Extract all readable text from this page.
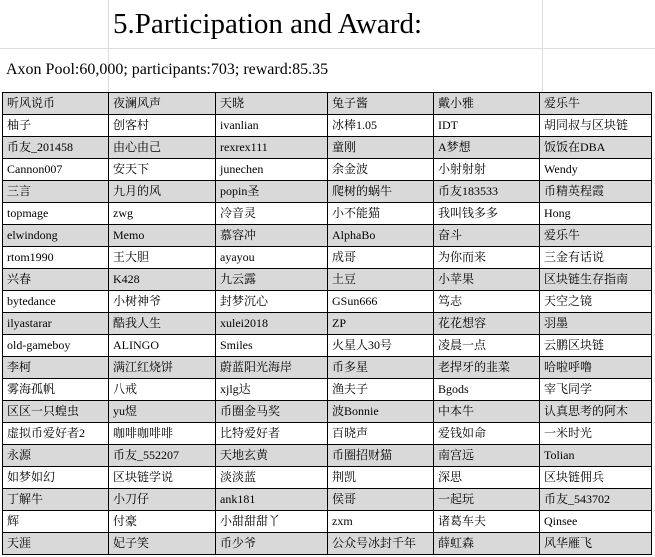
5.Participation and Award:
Axon Pool:60,000; participants:703; reward:85.35
听风说币	夜澜风声	天晓	兔子酱	戴小雅	爱乐牛
柚子	创客村	ivanlian	冰棒1.05	IDT	胡同叔与区块链
币友_201458	由心由己	rexrex111	童刚	A梦想	饭饭在DBA
Cannon007	安天下	junechen	余金波	小射射射	Wendy
三言	九月的风	popin圣	爬树的蜗牛	币友183533	币精英程霞
topmage	zwg	冷音灵	小不能猫	我叫钱多多	Hong
elwindong	Memo	慕容冲	AlphaBo	奋斗	爱乐牛
rtom1990	王大胆	ayayou	成哥	为你而来	三金有话说
兴春	K428	九云露	土豆	小苹果	区块链生存指南
bytedance	小树神爷	封梦沉心	GSun666	笃志	天空之镜
ilyastarar	酷我人生	xulei2018	ZP	花花想容	羽墨
old-gameboy	ALINGO	Smiles	火星人30号	凌晨一点	云鹏区块链
李柯	满江红烧饼	蔚蓝阳光海岸	币多星	老捍牙的韭菜	哈啦呼噜
雾海孤帆	八戒	xjlg达	渔夫子	Bgods	宰飞同学
区区一只蝗虫	yu煜	币圈金马奖	波Bonnie	中本牛	认真思考的阿木
虚拟币爱好者2	咖啡咖啡啡	比特爱好者	百晓声	爱钱如命	一米时光
永源	币友_552207	天地玄黄	币圈招财猫	南宫远	Tolian
如梦如幻	区块链学说	淡淡蓝	荆凯	深思	区块链佣兵
丁解牛	小刀仔	ank181	侯哥	一起玩	币友_543702
辉	付豪	小甜甜甜丫	zxm	诸葛车夫	Qinsee
天涯	妃子笑	币少爷	公众号冰封千年	薛虹森	风华雁飞
